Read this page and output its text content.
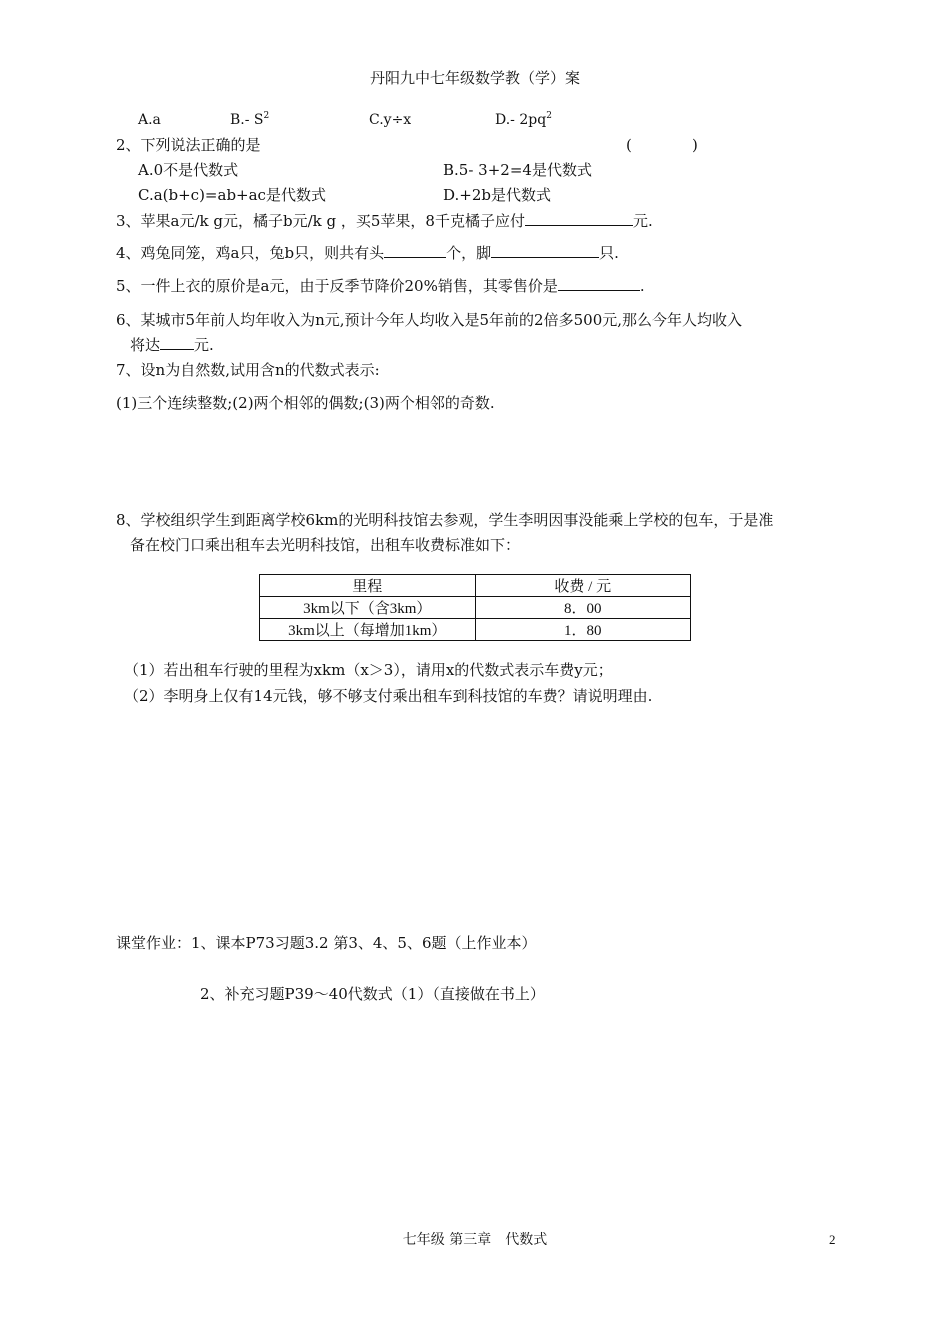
丹阳九中七年级数学教（学）案
A.a	B.- $S^2$	C.y÷x	D.- $2pq^2$
2、下列说法正确的是	(	)
A.0不是代数式	B.5- 3+2=4是代数式
C.a(b+c)=ab+ac是代数式	D.+2b是代数式
3、苹果a元/k g元，橘子b元/k g ，买5苹果，8千克橘子应付	元.
4、鸡兔同笼，鸡a只，兔b只，则共有头	个，脚	只.
5、一件上衣的原价是a元，由于反季节降价20%销售，其零售价是	.
6、某城市5年前人均年收入为n元,预计今年人均收入是5年前的2倍多500元,那么今年人均收入
将达 元.
7、设n为自然数,试用含n的代数式表示:
(1)三个连续整数;(2)两个相邻的偶数;(3)两个相邻的奇数.
8、学校组织学生到距离学校6km的光明科技馆去参观，学生李明因事没能乘上学校的包车，于是准
备在校门口乘出租车去光明科技馆，出租车收费标准如下：
里程	收费 / 元
3km以下（含3km）	8．00
3km以上（每增加1km）	1．80
（1）若出租车行驶的里程为xkm（x＞3），请用x的代数式表示车费y元；
（2）李明身上仅有14元钱，够不够支付乘出租车到科技馆的车费？请说明理由.
课堂作业：1、课本P73习题3.2 第3、4、5、6题（上作业本）
2、补充习题P39～40代数式（1）（直接做在书上）
七年级 第三章　代数式	2
